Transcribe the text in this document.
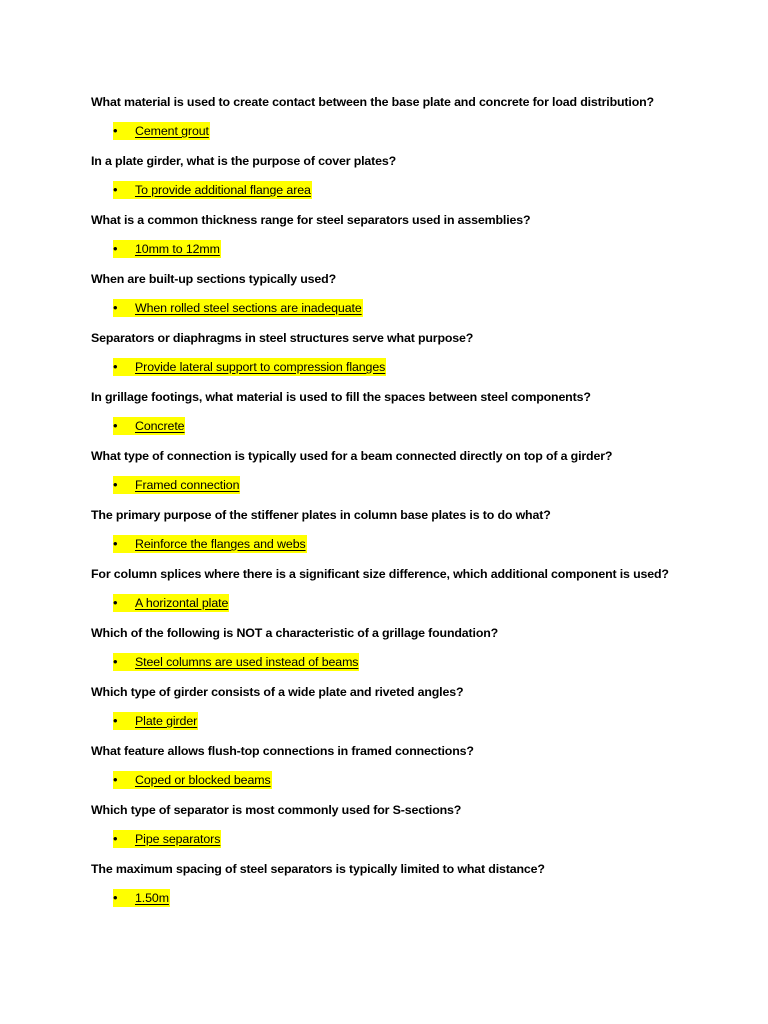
What material is used to create contact between the base plate and concrete for load distribution?
•	Cement grout
In a plate girder, what is the purpose of cover plates?
•	To provide additional flange area
What is a common thickness range for steel separators used in assemblies?
•	10mm to 12mm
When are built-up sections typically used?
•	When rolled steel sections are inadequate
Separators or diaphragms in steel structures serve what purpose?
•	Provide lateral support to compression flanges
In grillage footings, what material is used to fill the spaces between steel components?
•	Concrete
What type of connection is typically used for a beam connected directly on top of a girder?
•	Framed connection
The primary purpose of the stiffener plates in column base plates is to do what?
•	Reinforce the flanges and webs
For column splices where there is a significant size difference, which additional component is used?
•	A horizontal plate
Which of the following is NOT a characteristic of a grillage foundation?
•	Steel columns are used instead of beams
Which type of girder consists of a wide plate and riveted angles?
•	Plate girder
What feature allows flush-top connections in framed connections?
•	Coped or blocked beams
Which type of separator is most commonly used for S-sections?
•	Pipe separators
The maximum spacing of steel separators is typically limited to what distance?
•	1.50m
